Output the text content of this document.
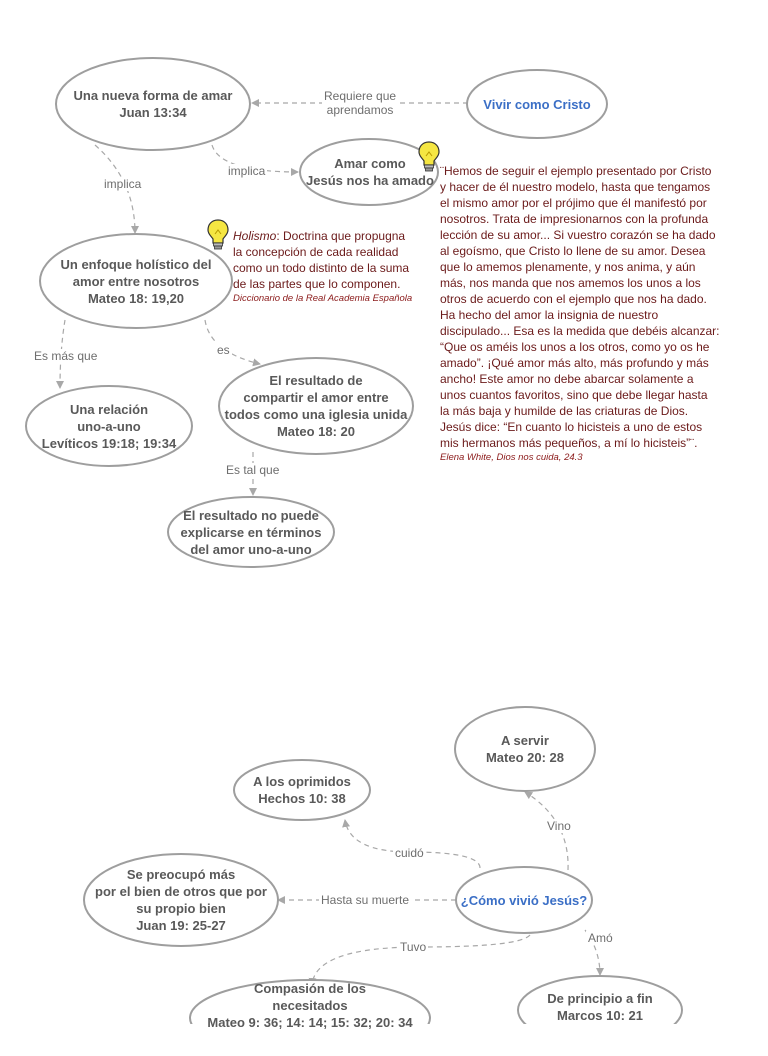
Una nueva forma de amar
Juan 13:34
Vivir como Cristo
Amar como
Jesús nos ha amado
Un enfoque holístico del
amor entre nosotros
Mateo 18: 19,20
Una relación
uno-a-uno
Levíticos 19:18; 19:34
El resultado de
compartir el amor entre
todos como una iglesia unida
Mateo 18: 20
El resultado no puede
explicarse en términos
del amor uno-a-uno
A servir
Mateo 20: 28
A los oprimidos
Hechos 10: 38
Se preocupó más
por el bien de otros que por
su propio bien
Juan 19: 25-27
¿Cómo vivió Jesús?
Compasión de los
necesitados
Mateo 9: 36; 14: 14; 15: 32; 20: 34
De principio a fin
Marcos 10: 21
Requiere que
aprendamos
implica
implica
Es más que	es
Es tal que
Vino
cuidó
Hasta su muerte
Tuvo
Amó
Holismo: Doctrina que propugna la concepción de cada realidad como un todo distinto de la suma de las partes que lo componen.
Diccionario de la Real Academia Española
¨Hemos de seguir el ejemplo presentado por Cristo y hacer de él nuestro modelo, hasta que tengamos el mismo amor por el prójimo que él manifestó por nosotros. Trata de impresionarnos con la profunda lección de su amor... Si vuestro corazón se ha dado al egoísmo, que Cristo lo llene de su amor. Desea que lo amemos plenamente, y nos anima, y aún más, nos manda que nos amemos los unos a los otros de acuerdo con el ejemplo que nos ha dado. Ha hecho del amor la insignia de nuestro discipulado... Esa es la medida que debéis alcanzar: “Que os améis los unos a los otros, como yo os he amado”. ¡Qué amor más alto, más profundo y más ancho! Este amor no debe abarcar solamente a unos cuantos favoritos, sino que debe llegar hasta la más baja y humilde de las criaturas de Dios. Jesús dice: “En cuanto lo hicisteis a uno de estos mis hermanos más pequeños, a mí lo hicisteis”¨.
Elena White, Dios nos cuida, 24.3
